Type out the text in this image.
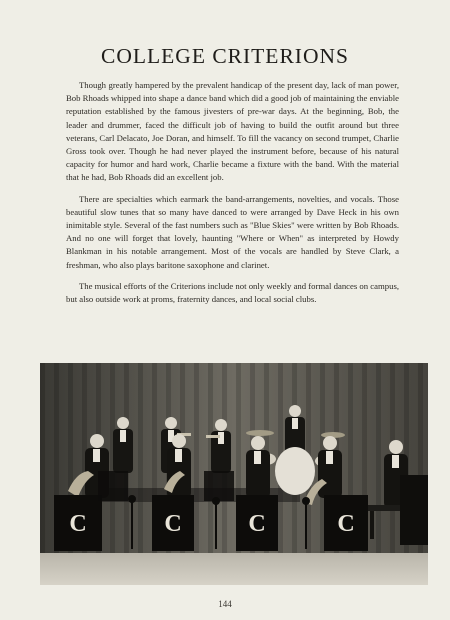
COLLEGE CRITERIONS

Though greatly hampered by the prevalent handicap of the present day, lack of man power, Bob Rhoads whipped into shape a dance band which did a good job of maintaining the enviable reputation established by the famous jivesters of pre-war days. At the beginning, Bob, the leader and drummer, faced the difficult job of having to build the outfit around but three veterans, Carl Delacato, Joe Doran, and himself. To fill the vacancy on second trumpet, Charlie Gross took over. Though he had never played the instrument before, because of his natural capacity for humor and hard work, Charlie became a fixture with the band. With the material that he had, Bob Rhoads did an excellent job.

There are specialties which earmark the band-arrangements, novelties, and vocals. Those beautiful slow tunes that so many have danced to were arranged by Dave Heck in his own inimitable style. Several of the fast numbers such as "Blue Skies" were written by Bob Rhoads. And no one will forget that lovely, haunting "Where or When" as interpreted by Howdy Blankman in his notable arrangement. Most of the vocals are handled by Steve Clark, a freshman, who also plays baritone saxophone and clarinet.

The musical efforts of the Criterions include not only weekly and formal dances on campus, but also outside work at proms, fraternity dances, and local social clubs.

C	C	C	C
144
